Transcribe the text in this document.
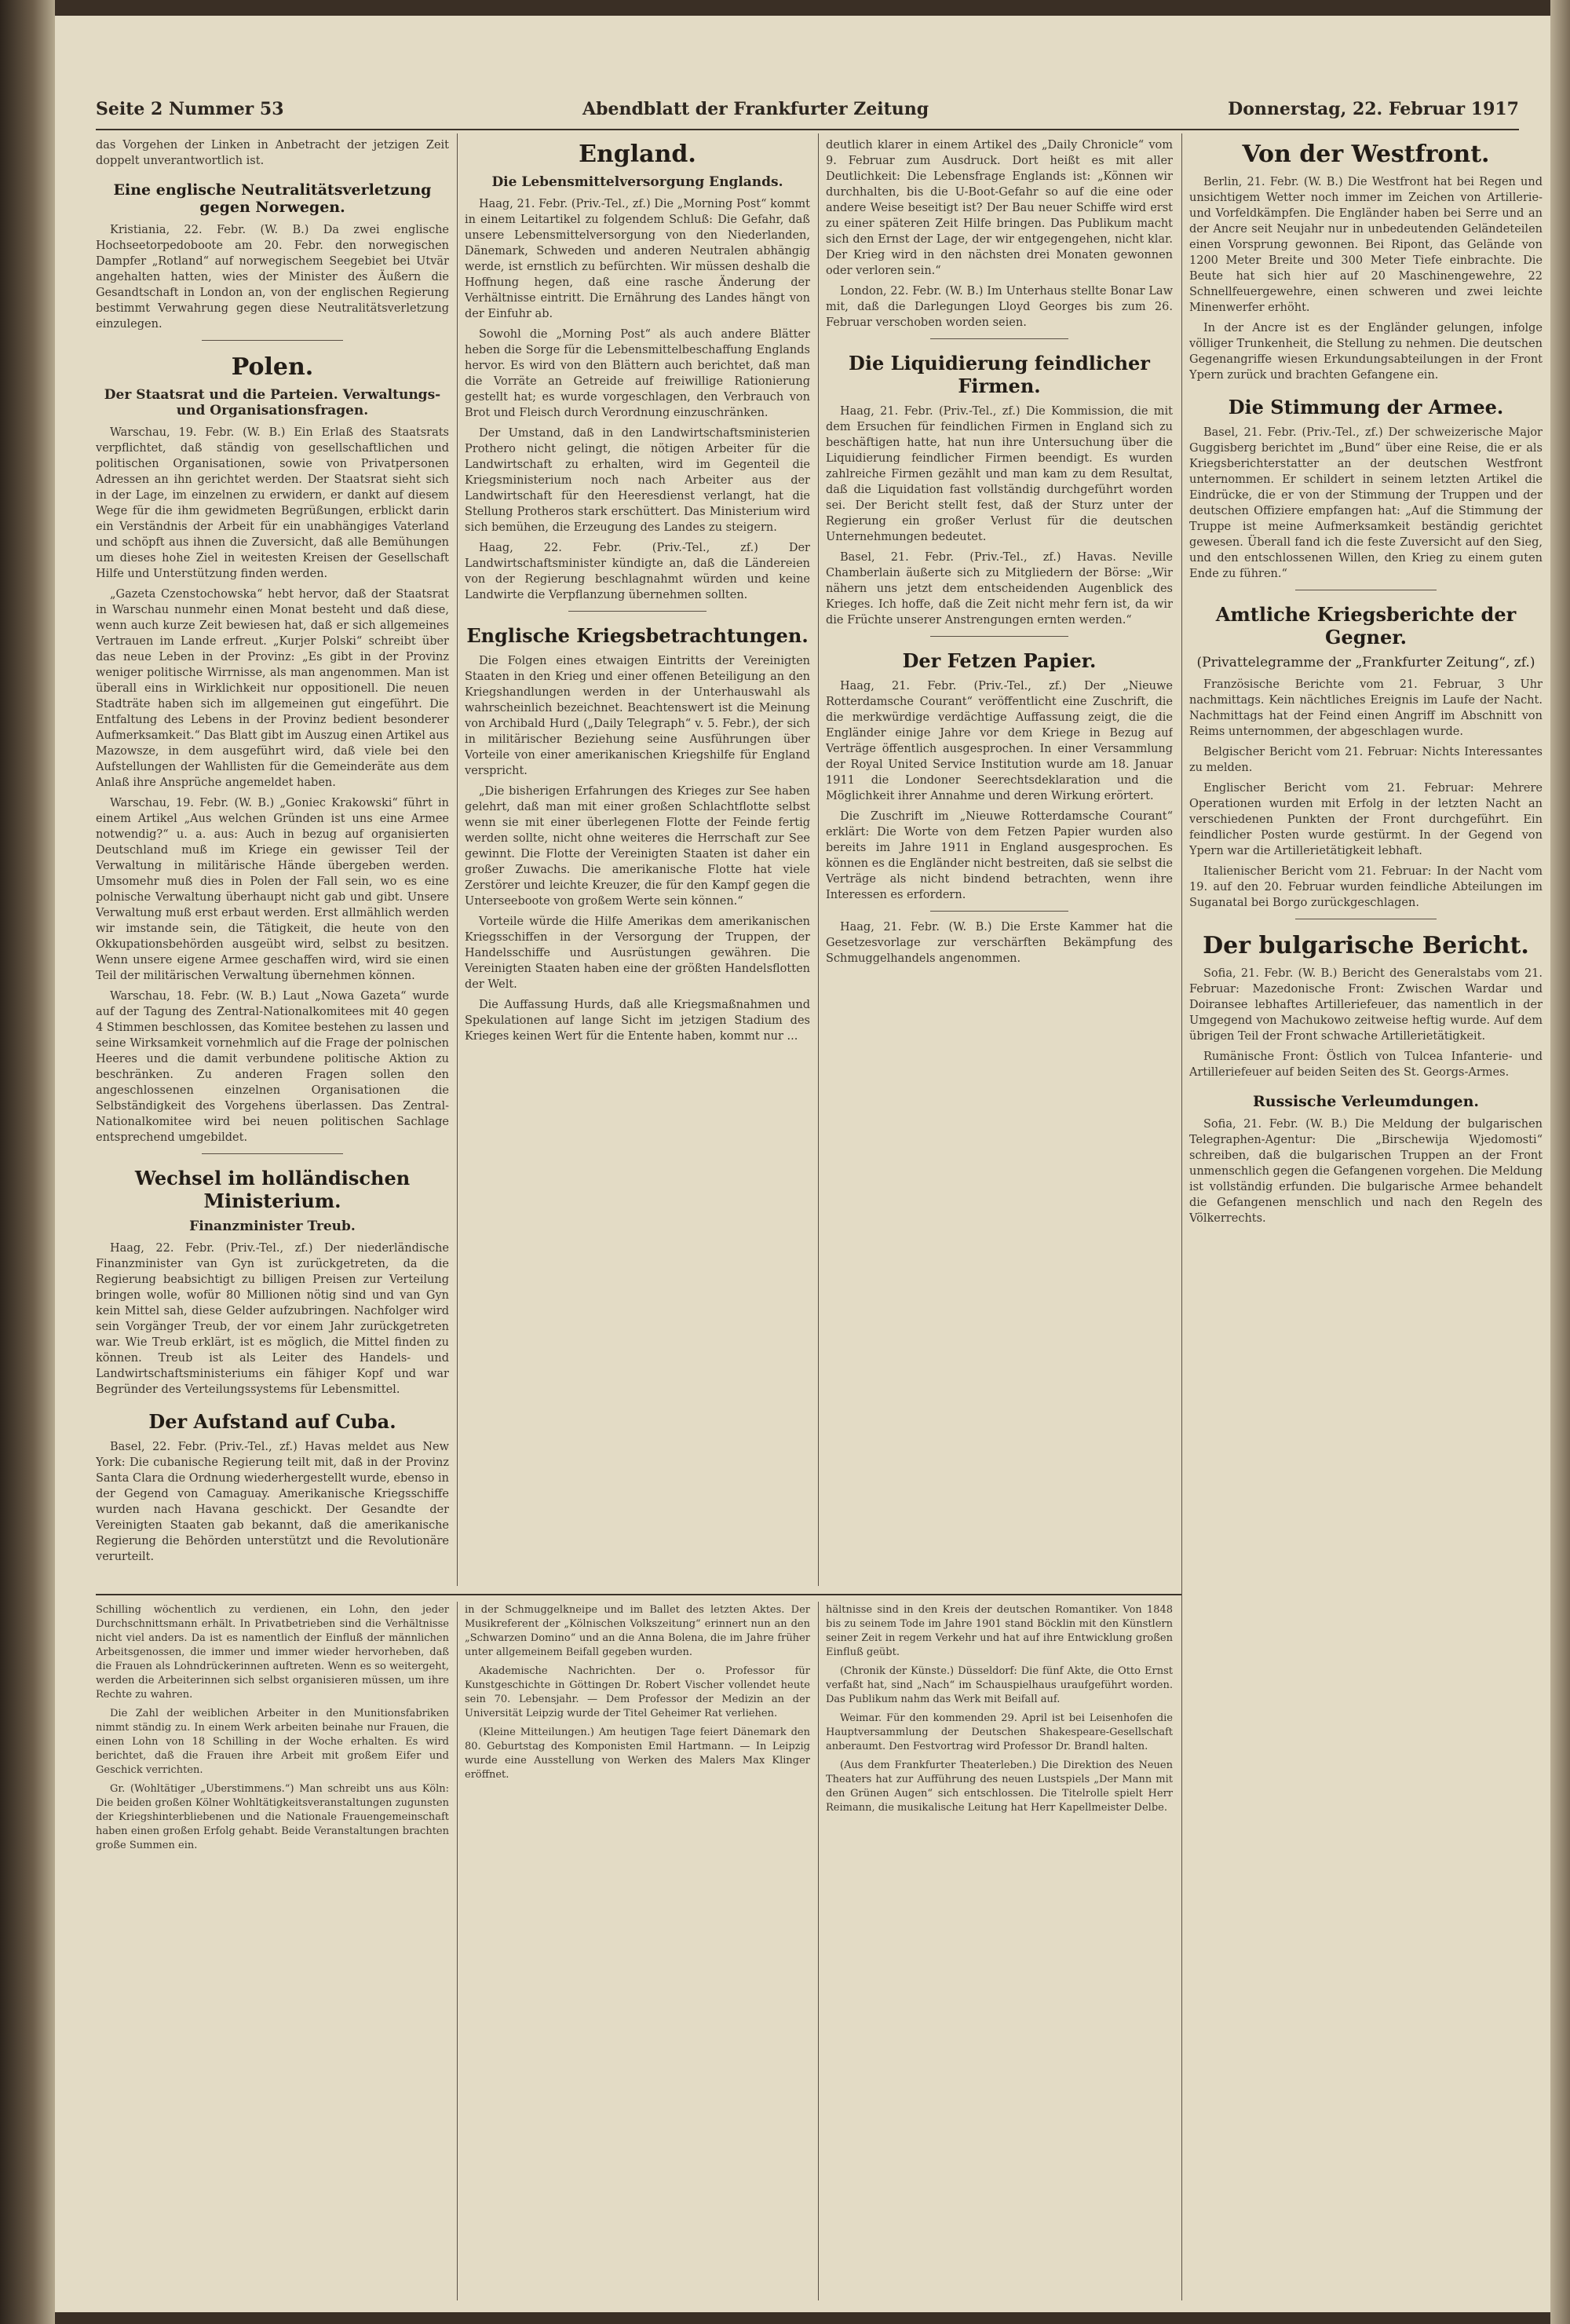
Seite 2 Nummer 53	Abendblatt der Frankfurter Zeitung	Donnerstag, 22. Februar 1917

das Vorgehen der Linken in Anbetracht der jetzigen Zeit doppelt unverantwortlich ist.

Eine englische Neutralitätsverletzung gegen Norwegen.

Kristiania, 22. Febr. (W. B.) Da zwei englische Hochseetorpedoboote am 20. Febr. den norwegischen Dampfer „Rotland“ auf norwegischem Seegebiet bei Utvär angehalten hatten, wies der Minister des Äußern die Gesandtschaft in London an, von der englischen Regierung bestimmt Verwahrung gegen diese Neutralitätsverletzung einzulegen.

Polen.
Der Staatsrat und die Parteien. Verwaltungs- und Organisationsfragen.

Warschau, 19. Febr. (W. B.) Ein Erlaß des Staatsrats verpflichtet, daß ständig von gesellschaftlichen und politischen Organisationen, sowie von Privatpersonen Adressen an ihn gerichtet werden. Der Staatsrat sieht sich in der Lage, im einzelnen zu erwidern, er dankt auf diesem Wege für die ihm gewidmeten Begrüßungen, erblickt darin ein Verständnis der Arbeit für ein unabhängiges Vaterland und schöpft aus ihnen die Zuversicht, daß alle Bemühungen um dieses hohe Ziel in weitesten Kreisen der Gesellschaft Hilfe und Unterstützung finden werden.

„Gazeta Czenstochowska“ hebt hervor, daß der Staatsrat in Warschau nunmehr einen Monat besteht und daß diese, wenn auch kurze Zeit bewiesen hat, daß er sich allgemeines Vertrauen im Lande erfreut. „Kurjer Polski“ schreibt über das neue Leben in der Provinz: „Es gibt in der Provinz weniger politische Wirrnisse, als man angenommen. Man ist überall eins in Wirklichkeit nur oppositionell. Die neuen Stadträte haben sich im allgemeinen gut eingeführt. Die Entfaltung des Lebens in der Provinz bedient besonderer Aufmerksamkeit.“ Das Blatt gibt im Auszug einen Artikel aus Mazowsze, in dem ausgeführt wird, daß viele bei den Aufstellungen der Wahllisten für die Gemeinderäte aus dem Anlaß ihre Ansprüche angemeldet haben.

Warschau, 19. Febr. (W. B.) „Goniec Krakowski“ führt in einem Artikel „Aus welchen Gründen ist uns eine Armee notwendig?“ u. a. aus: Auch in bezug auf organisierten Deutschland muß im Kriege ein gewisser Teil der Verwaltung in militärische Hände übergeben werden. Umsomehr muß dies in Polen der Fall sein, wo es eine polnische Verwaltung überhaupt nicht gab und gibt. Unsere Verwaltung muß erst erbaut werden. Erst allmählich werden wir imstande sein, die Tätigkeit, die heute von den Okkupationsbehörden ausgeübt wird, selbst zu besitzen. Wenn unsere eigene Armee geschaffen wird, wird sie einen Teil der militärischen Verwaltung übernehmen können.

Warschau, 18. Febr. (W. B.) Laut „Nowa Gazeta“ wurde auf der Tagung des Zentral-Nationalkomitees mit 40 gegen 4 Stimmen beschlossen, das Komitee bestehen zu lassen und seine Wirksamkeit vornehmlich auf die Frage der polnischen Heeres und die damit verbundene politische Aktion zu beschränken. Zu anderen Fragen sollen den angeschlossenen einzelnen Organisationen die Selbständigkeit des Vorgehens überlassen. Das Zentral-Nationalkomitee wird bei neuen politischen Sachlage entsprechend umgebildet.

Wechsel im holländischen Ministerium.
Finanzminister Treub.

Haag, 22. Febr. (Priv.-Tel., zf.) Der niederländische Finanzminister van Gyn ist zurückgetreten, da die Regierung beabsichtigt zu billigen Preisen zur Verteilung bringen wolle, wofür 80 Millionen nötig sind und van Gyn kein Mittel sah, diese Gelder aufzubringen. Nachfolger wird sein Vorgänger Treub, der vor einem Jahr zurückgetreten war. Wie Treub erklärt, ist es möglich, die Mittel finden zu können. Treub ist als Leiter des Handels- und Landwirtschaftsministeriums ein fähiger Kopf und war Begründer des Verteilungssystems für Lebensmittel.

Der Aufstand auf Cuba.

Basel, 22. Febr. (Priv.-Tel., zf.) Havas meldet aus New York: Die cubanische Regierung teilt mit, daß in der Provinz Santa Clara die Ordnung wiederhergestellt wurde, ebenso in der Gegend von Camaguay. Amerikanische Kriegsschiffe wurden nach Havana geschickt. Der Gesandte der Vereinigten Staaten gab bekannt, daß die amerikanische Regierung die Behörden unterstützt und die Revolutionäre verurteilt.

England.
Die Lebensmittelversorgung Englands.

Haag, 21. Febr. (Priv.-Tel., zf.) Die „Morning Post“ kommt in einem Leitartikel zu folgendem Schluß: Die Gefahr, daß unsere Lebensmittelversorgung von den Niederlanden, Dänemark, Schweden und anderen Neutralen abhängig werde, ist ernstlich zu befürchten. Wir müssen deshalb die Hoffnung hegen, daß eine rasche Änderung der Verhältnisse eintritt. Die Ernährung des Landes hängt von der Einfuhr ab.

Sowohl die „Morning Post“ als auch andere Blätter heben die Sorge für die Lebensmittelbeschaffung Englands hervor. Es wird von den Blättern auch berichtet, daß man die Vorräte an Getreide auf freiwillige Rationierung gestellt hat; es wurde vorgeschlagen, den Verbrauch von Brot und Fleisch durch Verordnung einzuschränken.

Der Umstand, daß in den Landwirtschaftsministerien Prothero nicht gelingt, die nötigen Arbeiter für die Landwirtschaft zu erhalten, wird im Gegenteil die Kriegsministerium noch nach Arbeiter aus der Landwirtschaft für den Heeresdienst verlangt, hat die Stellung Protheros stark erschüttert. Das Ministerium wird sich bemühen, die Erzeugung des Landes zu steigern.

Haag, 22. Febr. (Priv.-Tel., zf.) Der Landwirtschaftsminister kündigte an, daß die Ländereien von der Regierung beschlagnahmt würden und keine Landwirte die Verpflanzung übernehmen sollten.

Englische Kriegsbetrachtungen.

Die Folgen eines etwaigen Eintritts der Vereinigten Staaten in den Krieg und einer offenen Beteiligung an den Kriegshandlungen werden in der Unterhauswahl als wahrscheinlich bezeichnet. Beachtenswert ist die Meinung von Archibald Hurd („Daily Telegraph“ v. 5. Febr.), der sich in militärischer Beziehung seine Ausführungen über Vorteile von einer amerikanischen Kriegshilfe für England verspricht.

„Die bisherigen Erfahrungen des Krieges zur See haben gelehrt, daß man mit einer großen Schlachtflotte selbst wenn sie mit einer überlegenen Flotte der Feinde fertig werden sollte, nicht ohne weiteres die Herrschaft zur See gewinnt. Die Flotte der Vereinigten Staaten ist daher ein großer Zuwachs. Die amerikanische Flotte hat viele Zerstörer und leichte Kreuzer, die für den Kampf gegen die Unterseeboote von großem Werte sein können.“

Vorteile würde die Hilfe Amerikas dem amerikanischen Kriegsschiffen in der Versorgung der Truppen, der Handelsschiffe und Ausrüstungen gewähren. Die Vereinigten Staaten haben eine der größten Handelsflotten der Welt.

Die Auffassung Hurds, daß alle Kriegsmaßnahmen und Spekulationen auf lange Sicht im jetzigen Stadium des Krieges keinen Wert für die Entente haben, kommt nur ...

deutlich klarer in einem Artikel des „Daily Chronicle“ vom 9. Februar zum Ausdruck. Dort heißt es mit aller Deutlichkeit: Die Lebensfrage Englands ist: „Können wir durchhalten, bis die U-Boot-Gefahr so auf die eine oder andere Weise beseitigt ist? Der Bau neuer Schiffe wird erst zu einer späteren Zeit Hilfe bringen. Das Publikum macht sich den Ernst der Lage, der wir entgegengehen, nicht klar. Der Krieg wird in den nächsten drei Monaten gewonnen oder verloren sein.“

London, 22. Febr. (W. B.) Im Unterhaus stellte Bonar Law mit, daß die Darlegungen Lloyd Georges bis zum 26. Februar verschoben worden seien.

Die Liquidierung feindlicher Firmen.

Haag, 21. Febr. (Priv.-Tel., zf.) Die Kommission, die mit dem Ersuchen für feindlichen Firmen in England sich zu beschäftigen hatte, hat nun ihre Untersuchung über die Liquidierung feindlicher Firmen beendigt. Es wurden zahlreiche Firmen gezählt und man kam zu dem Resultat, daß die Liquidation fast vollständig durchgeführt worden sei. Der Bericht stellt fest, daß der Sturz unter der Regierung ein großer Verlust für die deutschen Unternehmungen bedeutet.

Basel, 21. Febr. (Priv.-Tel., zf.) Havas. Neville Chamberlain äußerte sich zu Mitgliedern der Börse: „Wir nähern uns jetzt dem entscheidenden Augenblick des Krieges. Ich hoffe, daß die Zeit nicht mehr fern ist, da wir die Früchte unserer Anstrengungen ernten werden.“

Der Fetzen Papier.

Haag, 21. Febr. (Priv.-Tel., zf.) Der „Nieuwe Rotterdamsche Courant“ veröffentlicht eine Zuschrift, die die merkwürdige verdächtige Auffassung zeigt, die die Engländer einige Jahre vor dem Kriege in Bezug auf Verträge öffentlich ausgesprochen. In einer Versammlung der Royal United Service Institution wurde am 18. Januar 1911 die Londoner Seerechtsdeklaration und die Möglichkeit ihrer Annahme und deren Wirkung erörtert.

Die Zuschrift im „Nieuwe Rotterdamsche Courant“ erklärt: Die Worte von dem Fetzen Papier wurden also bereits im Jahre 1911 in England ausgesprochen. Es können es die Engländer nicht bestreiten, daß sie selbst die Verträge als nicht bindend betrachten, wenn ihre Interessen es erfordern.

Haag, 21. Febr. (W. B.) Die Erste Kammer hat die Gesetzesvorlage zur verschärften Bekämpfung des Schmuggelhandels angenommen.

Von der Westfront.

Berlin, 21. Febr. (W. B.) Die Westfront hat bei Regen und unsichtigem Wetter noch immer im Zeichen von Artillerie- und Vorfeldkämpfen. Die Engländer haben bei Serre und an der Ancre seit Neujahr nur in unbedeutenden Geländeteilen einen Vorsprung gewonnen. Bei Ripont, das Gelände von 1200 Meter Breite und 300 Meter Tiefe einbrachte. Die Beute hat sich hier auf 20 Maschinengewehre, 22 Schnellfeuergewehre, einen schweren und zwei leichte Minenwerfer erhöht.

In der Ancre ist es der Engländer gelungen, infolge völliger Trunkenheit, die Stellung zu nehmen. Die deutschen Gegenangriffe wiesen Erkundungsabteilungen in der Front Ypern zurück und brachten Gefangene ein.

Die Stimmung der Armee.

Basel, 21. Febr. (Priv.-Tel., zf.) Der schweizerische Major Guggisberg berichtet im „Bund“ über eine Reise, die er als Kriegsberichterstatter an der deutschen Westfront unternommen. Er schildert in seinem letzten Artikel die Eindrücke, die er von der Stimmung der Truppen und der deutschen Offiziere empfangen hat: „Auf die Stimmung der Truppe ist meine Aufmerksamkeit beständig gerichtet gewesen. Überall fand ich die feste Zuversicht auf den Sieg, und den entschlossenen Willen, den Krieg zu einem guten Ende zu führen.“

Amtliche Kriegsberichte der Gegner.
(Privattelegramme der „Frankfurter Zeitung“, zf.)

Französische Berichte vom 21. Februar, 3 Uhr nachmittags. Kein nächtliches Ereignis im Laufe der Nacht. Nachmittags hat der Feind einen Angriff im Abschnitt von Reims unternommen, der abgeschlagen wurde.

Belgischer Bericht vom 21. Februar: Nichts Interessantes zu melden.

Englischer Bericht vom 21. Februar: Mehrere Operationen wurden mit Erfolg in der letzten Nacht an verschiedenen Punkten der Front durchgeführt. Ein feindlicher Posten wurde gestürmt. In der Gegend von Ypern war die Artillerietätigkeit lebhaft.

Italienischer Bericht vom 21. Februar: In der Nacht vom 19. auf den 20. Februar wurden feindliche Abteilungen im Suganatal bei Borgo zurückgeschlagen.

Der bulgarische Bericht.

Sofia, 21. Febr. (W. B.) Bericht des Generalstabs vom 21. Februar: Mazedonische Front: Zwischen Wardar und Doiransee lebhaftes Artilleriefeuer, das namentlich in der Umgegend von Machukowo zeitweise heftig wurde. Auf dem übrigen Teil der Front schwache Artillerietätigkeit.

Rumänische Front: Östlich von Tulcea Infanterie- und Artilleriefeuer auf beiden Seiten des St. Georgs-Armes.

Russische Verleumdungen.

Sofia, 21. Febr. (W. B.) Die Meldung der bulgarischen Telegraphen-Agentur: Die „Birschewija Wjedomosti“ schreiben, daß die bulgarischen Truppen an der Front unmenschlich gegen die Gefangenen vorgehen. Die Meldung ist vollständig erfunden. Die bulgarische Armee behandelt die Gefangenen menschlich und nach den Regeln des Völkerrechts.

Schilling wöchentlich zu verdienen, ein Lohn, den jeder Durchschnittsmann erhält. In Privatbetrieben sind die Verhältnisse nicht viel anders. Da ist es namentlich der Einfluß der männlichen Arbeitsgenossen, die immer und immer wieder hervorheben, daß die Frauen als Lohndrückerinnen auftreten. Wenn es so weitergeht, werden die Arbeiterinnen sich selbst organisieren müssen, um ihre Rechte zu wahren.

Die Zahl der weiblichen Arbeiter in den Munitionsfabriken nimmt ständig zu. In einem Werk arbeiten beinahe nur Frauen, die einen Lohn von 18 Schilling in der Woche erhalten. Es wird berichtet, daß die Frauen ihre Arbeit mit großem Eifer und Geschick verrichten.

Gr. (Wohltätiger „Uberstimmens.“) Man schreibt uns aus Köln: Die beiden großen Kölner Wohltätigkeitsveranstaltungen zugunsten der Kriegshinterbliebenen und die Nationale Frauengemeinschaft haben einen großen Erfolg gehabt. Beide Veranstaltungen brachten große Summen ein.

in der Schmuggelkneipe und im Ballet des letzten Aktes. Der Musikreferent der „Kölnischen Volkszeitung“ erinnert nun an den „Schwarzen Domino“ und an die Anna Bolena, die im Jahre früher unter allgemeinem Beifall gegeben wurden.

Akademische Nachrichten. Der o. Professor für Kunstgeschichte in Göttingen Dr. Robert Vischer vollendet heute sein 70. Lebensjahr. — Dem Professor der Medizin an der Universität Leipzig wurde der Titel Geheimer Rat verliehen.

(Kleine Mitteilungen.) Am heutigen Tage feiert Dänemark den 80. Geburtstag des Komponisten Emil Hartmann. — In Leipzig wurde eine Ausstellung von Werken des Malers Max Klinger eröffnet.

hältnisse sind in den Kreis der deutschen Romantiker. Von 1848 bis zu seinem Tode im Jahre 1901 stand Böcklin mit den Künstlern seiner Zeit in regem Verkehr und hat auf ihre Entwicklung großen Einfluß geübt.

(Chronik der Künste.) Düsseldorf: Die fünf Akte, die Otto Ernst verfaßt hat, sind „Nach“ im Schauspielhaus uraufgeführt worden. Das Publikum nahm das Werk mit Beifall auf.

Weimar. Für den kommenden 29. April ist bei Leisenhofen die Hauptversammlung der Deutschen Shakespeare-Gesellschaft anberaumt. Den Festvortrag wird Professor Dr. Brandl halten.

(Aus dem Frankfurter Theaterleben.) Die Direktion des Neuen Theaters hat zur Aufführung des neuen Lustspiels „Der Mann mit den Grünen Augen“ sich entschlossen. Die Titelrolle spielt Herr Reimann, die musikalische Leitung hat Herr Kapellmeister Delbe.
